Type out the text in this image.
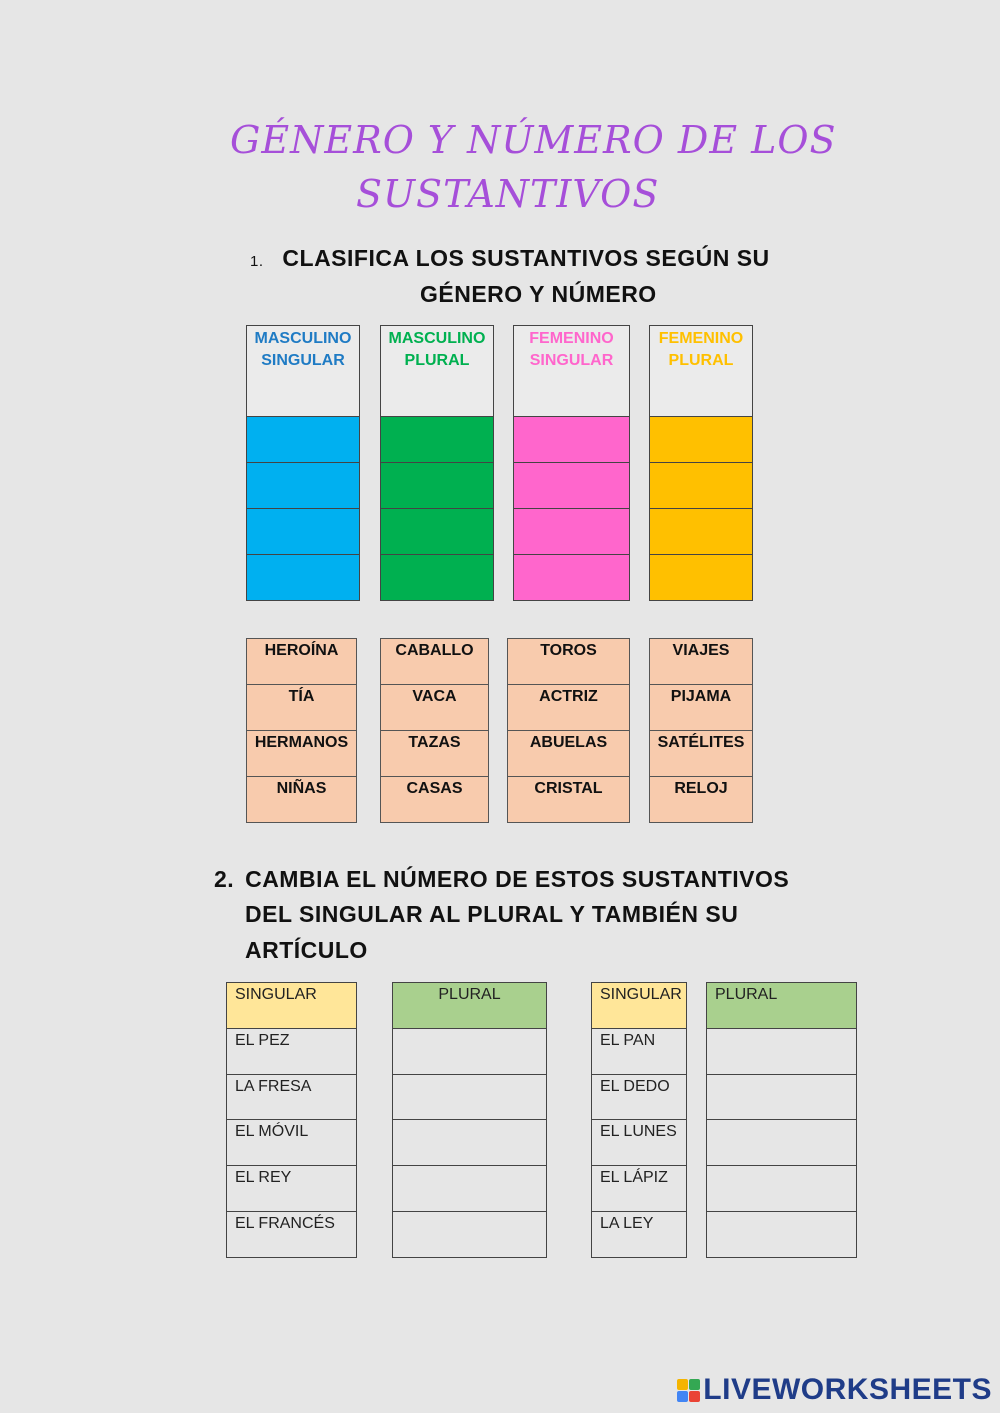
GÉNERO Y NÚMERO DE LOS
SUSTANTIVOS
1. CLASIFICA LOS SUSTANTIVOS SEGÚN SU
GÉNERO Y NÚMERO
MASCULINO
SINGULAR
MASCULINO
PLURAL
FEMENINO
SINGULAR
FEMENINO
PLURAL
HEROÍNA
TÍA
HERMANOS
NIÑAS
CABALLO
VACA
TAZAS
CASAS
TOROS
ACTRIZ
ABUELAS
CRISTAL
VIAJES
PIJAMA
SATÉLITES
RELOJ
2. CAMBIA EL NÚMERO DE ESTOS SUSTANTIVOS
DEL SINGULAR AL PLURAL Y TAMBIÉN SU
ARTÍCULO
SINGULAR
EL PEZ
LA FRESA
EL MÓVIL
EL REY
EL FRANCÉS
PLURAL	SINGULAR
EL PAN
EL DEDO
EL LUNES
EL LÁPIZ
LA LEY
PLURAL
LIVEWORKSHEETS
